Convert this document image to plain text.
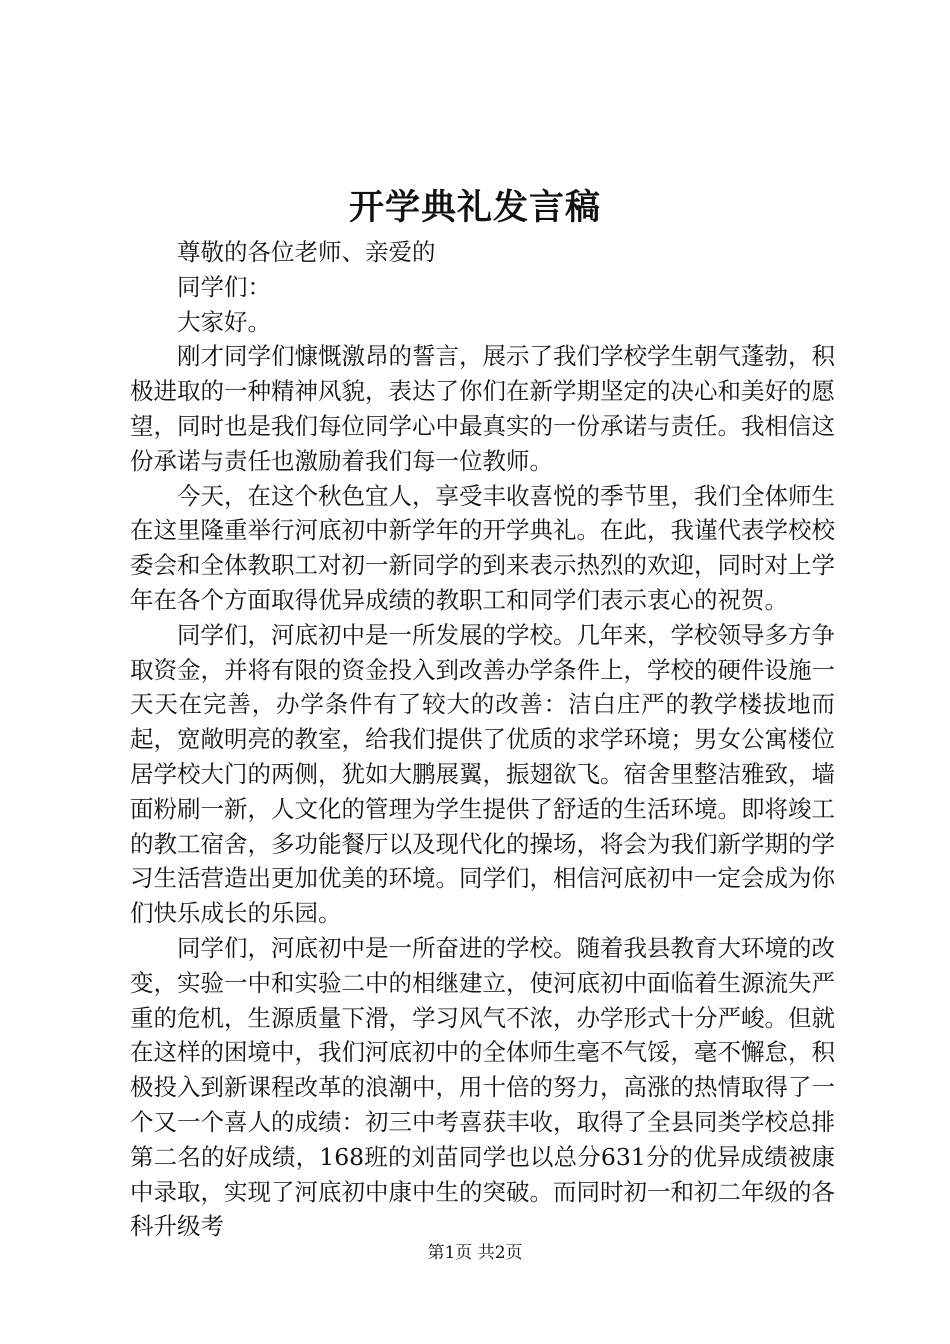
开学典礼发言稿

尊敬的各位老师、亲爱的

同学们：

大家好。

刚才同学们慷慨激昂的誓言，展示了我们学校学生朝气蓬勃，积极进取的一种精神风貌，表达了你们在新学期坚定的决心和美好的愿望，同时也是我们每位同学心中最真实的一份承诺与责任。我相信这份承诺与责任也激励着我们每一位教师。

今天，在这个秋色宜人，享受丰收喜悦的季节里，我们全体师生在这里隆重举行河底初中新学年的开学典礼。在此，我谨代表学校校委会和全体教职工对初一新同学的到来表示热烈的欢迎，同时对上学年在各个方面取得优异成绩的教职工和同学们表示衷心的祝贺。

同学们，河底初中是一所发展的学校。几年来，学校领导多方争取资金，并将有限的资金投入到改善办学条件上，学校的硬件设施一天天在完善，办学条件有了较大的改善：洁白庄严的教学楼拔地而起，宽敞明亮的教室，给我们提供了优质的求学环境；男女公寓楼位居学校大门的两侧，犹如大鹏展翼，振翅欲飞。宿舍里整洁雅致，墙面粉刷一新，人文化的管理为学生提供了舒适的生活环境。即将竣工的教工宿舍，多功能餐厅以及现代化的操场，将会为我们新学期的学习生活营造出更加优美的环境。同学们，相信河底初中一定会成为你们快乐成长的乐园。

同学们，河底初中是一所奋进的学校。随着我县教育大环境的改变，实验一中和实验二中的相继建立，使河底初中面临着生源流失严重的危机，生源质量下滑，学习风气不浓，办学形式十分严峻。但就在这样的困境中，我们河底初中的全体师生毫不气馁，毫不懈怠，积极投入到新课程改革的浪潮中，用十倍的努力，高涨的热情取得了一个又一个喜人的成绩：初三中考喜获丰收，取得了全县同类学校总排第二名的好成绩，168班的刘苗同学也以总分631分的优异成绩被康中录取，实现了河底初中康中生的突破。而同时初一和初二年级的各科升级考

第1页 共2页
